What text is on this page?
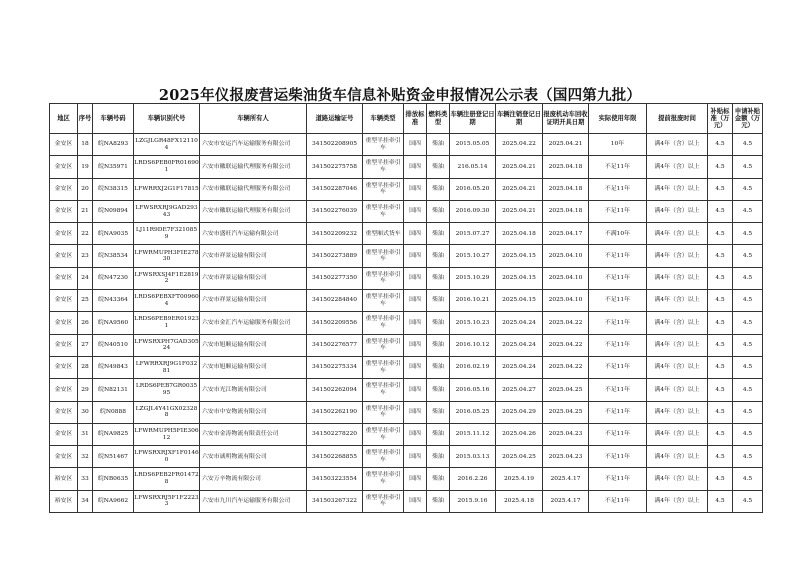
2025年仪报废营运柴油货车信息补贴资金申报情况公示表（国四第九批）
地区	序号	车辆号码	车辆识别代号	车辆所有人	道路运输证号	车辆类型	排放标准	燃料类型	车辆注册登记日期	车辆注销登记日期	报废机动车回收证明开具日期	实际使用年限	提前报废时间	补贴标准（万元）	申请补贴金额（万元）
金安区	18	皖NA8293	LZGJLGR48FX121104	六安市安运汽车运输服务有限公司	341502208905	重型半挂牵引车	国四	柴油	2015.05.05	2025.04.22	2025.04.21	10年	满4年（含）以上	4.5	4.5
金安区	19	皖N35971	LRDS6PEB0FR016901	六安市徽联运输代理服务有限公司	341502275758	重型半挂牵引车	国四	柴油	216.05.14	2025.04.21	2025.04.18	不足11年	满4年（含）以上	4.5	4.5
金安区	20	皖N38315	LFWRRXJ2G1F17815	六安市徽联运输代理服务有限公司	341502287046	重型半挂牵引车	国四	柴油	2016.05.20	2025.04.21	2025.04.18	不足11年	满4年（含）以上	4.5	4.5
金安区	21	皖N09894	LFWSRXRJ9GAD29343	六安市徽联运输代理服务有限公司	341502276039	重型半挂牵引车	国四	柴油	2016.09.30	2025.04.21	2025.04.18	不足11年	满4年（含）以上	4.5	4.5
金安区	22	皖NA9035	LJ11R9DE7F3210859	六安市盛旺汽车运输有限公司	341502209232	重型厢式货车	国四	柴油	2015.07.27	2025.04.18	2025.04.17	不满10年	满4年（含）以上	4.5	4.5
金安区	23	皖N38534	LFWRMUPH3FIE27830	六安市祥景运输有限公司	341502273889	重型半挂牵引车	国四	柴油	2015.10.27	2025.04.15	2025.04.10	不足11年	满4年（含）以上	4.5	4.5
金安区	24	皖N47230	LFWSRXSJ4F1E28192	六安市祥景运输有限公司	341502277350	重型半挂牵引车	国四	柴油	2015.10.29	2025.04.15	2025.04.10	不足11年	满4年（含）以上	4.5	4.5
金安区	25	皖N43364	LRDS6PEBXFT009604	六安市祥景运输有限公司	341502284840	重型半挂牵引车	国四	柴油	2016.10.21	2025.04.15	2025.04.10	不足11年	满4年（含）以上	4.5	4.5
金安区	26	皖NA9560	LRDS6PEB9ER019231	六安市金汇汽车运输服务有限公司	341502209556	重型半挂牵引车	国四	柴油	2015.10.23	2025.04.24	2025.04.22	不足11年	满4年（含）以上	4.5	4.5
金安区	27	皖N40510	LFWSRXPH7GAD30524	六安市旭顺运输有限公司	341502276577	重型半挂牵引车	国四	柴油	2016.10.12	2025.04.24	2025.04.22	不足11年	满4年（含）以上	4.5	4.5
金安区	28	皖N49843	LFWRRXRJ9G1F03281	六安市旭顺运输有限公司	341502275334	重型半挂牵引车	国四	柴油	2016.02.19	2025.04.24	2025.04.22	不足11年	满4年（含）以上	4.5	4.5
金安区	29	皖N82131	LRDS6PEB7GR003595	六安市光江物流有限公司	341502262094	重型半挂牵引车	国四	柴油	2016.05.16	2025.04.27	2025.04.25	不足11年	满4年（含）以上	4.5	4.5
金安区	30	皖N0888	LZGJL4Y41GX023288	六安市中安物流有限公司	341502262190	重型半挂牵引车	国四	柴油	2016.05.25	2025.04.29	2025.04.25	不足11年	满4年（含）以上	4.5	4.5
金安区	31	皖NA9825	LFWRMUPH5FIE30612	六安市金涛物流有限责任公司	341502278220	重型半挂牵引车	国四	柴油	2015.11.12	2025.04.26	2025.04.23	不足11年	满4年（含）以上	4.5	4.5
金安区	32	皖N51467	LFWSRXRJXF1F01460	六安市诚明物流有限公司	341502268855	重型半挂牵引车	国四	柴油	2015.03.13	2025.04.25	2025.04.23	不足11年	满4年（含）以上	4.5	4.5
裕安区	33	皖NB0635	LRDS6PEB2FR014728	六安万辛物流有限公司	341503223554	重型半挂牵引车	国四	柴油	2016.2.26	2025.4.19	2025.4.17	不足11年	满4年（含）以上	4.5	4.5
裕安区	34	皖NA9662	LFWSRXRJ5F1F22233	六安市九川汽车运输服务有限公司	341503267322	重型半挂牵引车	国四	柴油	2015.9.16	2025.4.18	2025.4.17	不足11年	满4年（含）以上	4.5	4.5
